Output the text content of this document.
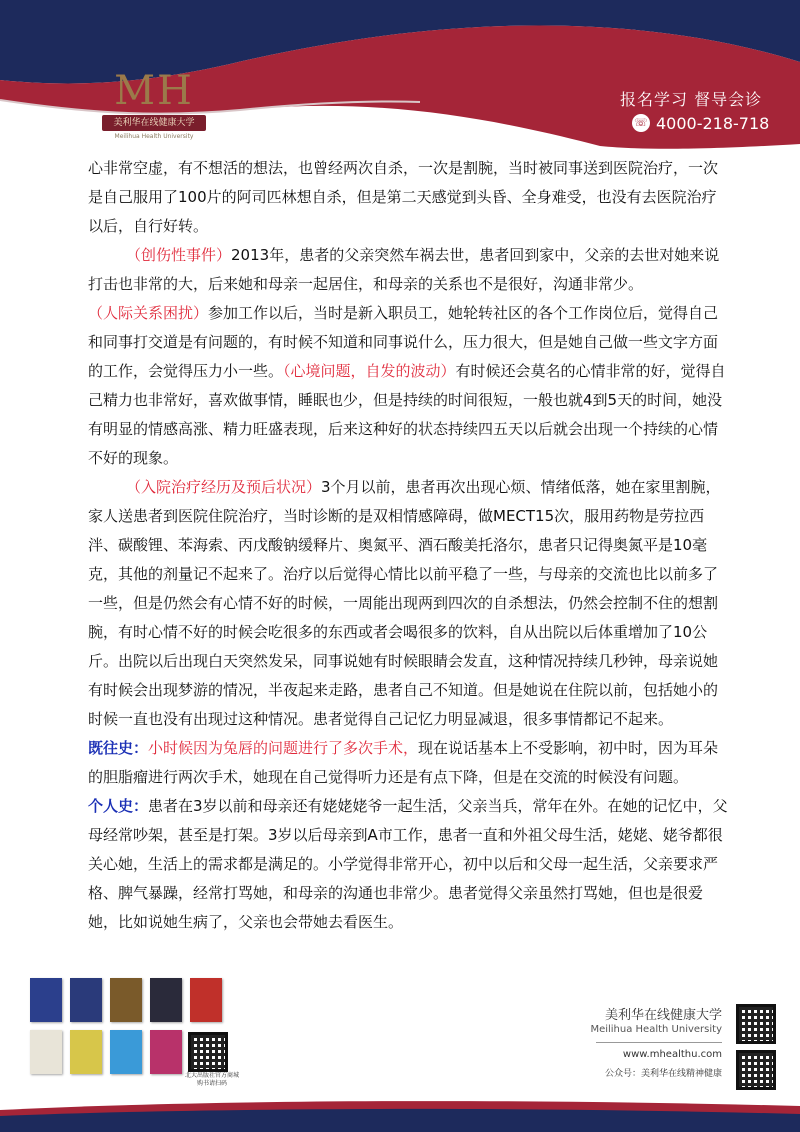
MH
美利华在线健康大学
Meilihua Health University
报名学习 督导会诊
☏ 4000-218-718

心非常空虚，有不想活的想法，也曾经两次自杀，一次是割腕，当时被同事送到医院治疗，一次是自己服用了100片的阿司匹林想自杀，但是第二天感觉到头昏、全身难受，也没有去医院治疗以后，自行好转。

（创伤性事件）2013年，患者的父亲突然车祸去世，患者回到家中，父亲的去世对她来说打击也非常的大，后来她和母亲一起居住，和母亲的关系也不是很好，沟通非常少。

（人际关系困扰）参加工作以后，当时是新入职员工，她轮转社区的各个工作岗位后，觉得自己和同事打交道是有问题的，有时候不知道和同事说什么，压力很大，但是她自己做一些文字方面的工作，会觉得压力小一些。（心境问题，自发的波动）有时候还会莫名的心情非常的好，觉得自己精力也非常好，喜欢做事情，睡眠也少，但是持续的时间很短，一般也就4到5天的时间，她没有明显的情感高涨、精力旺盛表现，后来这种好的状态持续四五天以后就会出现一个持续的心情不好的现象。

（入院治疗经历及预后状况）3个月以前，患者再次出现心烦、情绪低落，她在家里割腕，家人送患者到医院住院治疗，当时诊断的是双相情感障碍，做MECT15次，服用药物是劳拉西泮、碳酸锂、苯海索、丙戊酸钠缓释片、奥氮平、酒石酸美托洛尔，患者只记得奥氮平是10毫克，其他的剂量记不起来了。治疗以后觉得心情比以前平稳了一些，与母亲的交流也比以前多了一些，但是仍然会有心情不好的时候，一周能出现两到四次的自杀想法，仍然会控制不住的想割腕，有时心情不好的时候会吃很多的东西或者会喝很多的饮料，自从出院以后体重增加了10公斤。出院以后出现白天突然发呆，同事说她有时候眼睛会发直，这种情况持续几秒钟，母亲说她有时候会出现梦游的情况，半夜起来走路，患者自己不知道。但是她说在住院以前，包括她小的时候一直也没有出现过这种情况。患者觉得自己记忆力明显减退，很多事情都记不起来。

既往史：小时候因为兔唇的问题进行了多次手术，现在说话基本上不受影响，初中时，因为耳朵的胆脂瘤进行两次手术，她现在自己觉得听力还是有点下降，但是在交流的时候没有问题。

个人史：患者在3岁以前和母亲还有姥姥姥爷一起生活，父亲当兵，常年在外。在她的记忆中，父母经常吵架，甚至是打架。3岁以后母亲到A市工作，患者一直和外祖父母生活，姥姥、姥爷都很关心她，生活上的需求都是满足的。小学觉得非常开心，初中以后和父母一起生活，父亲要求严格、脾气暴躁，经常打骂她，和母亲的沟通也非常少。患者觉得父亲虽然打骂她，但也是很爱她，比如说她生病了，父亲也会带她去看医生。

北大出版社官方商城 购书请扫码
美利华在线健康大学
Meilihua Health University
www.mhealthu.com
公众号：美利华在线精神健康
